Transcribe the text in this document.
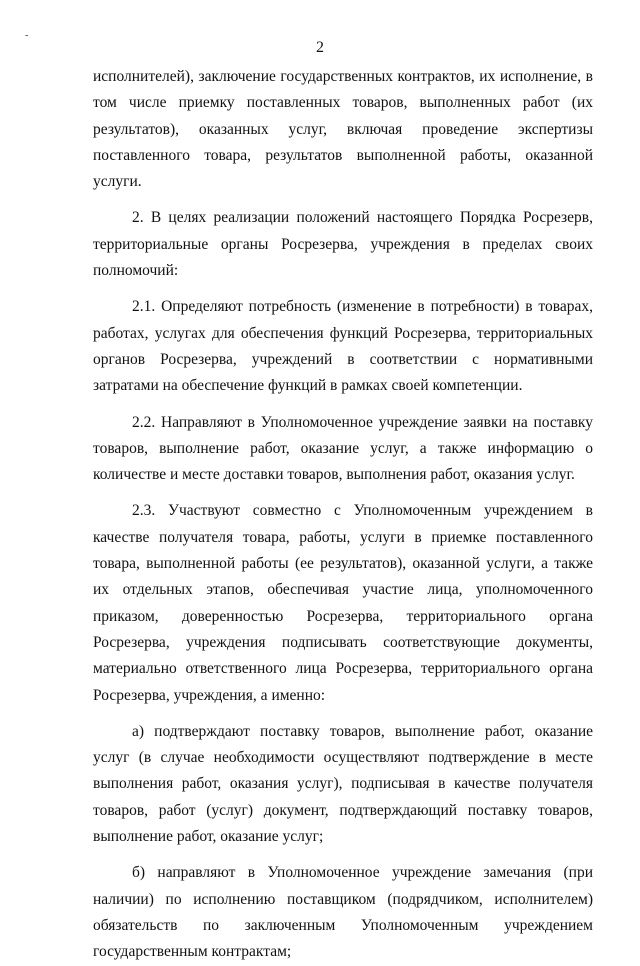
-
2

исполнителей), заключение государственных контрактов, их исполнение, в том числе приемку поставленных товаров, выполненных работ (их результатов), оказанных услуг, включая проведение экспертизы поставленного товара, результатов выполненной работы, оказанной услуги.

2. В целях реализации положений настоящего Порядка Росрезерв, территориальные органы Росрезерва, учреждения в пределах своих полномочий:

2.1. Определяют потребность (изменение в потребности) в товарах, работах, услугах для обеспечения функций Росрезерва, территориальных органов Росрезерва, учреждений в соответствии с нормативными затратами на обеспечение функций в рамках своей компетенции.

2.2. Направляют в Уполномоченное учреждение заявки на поставку товаров, выполнение работ, оказание услуг, а также информацию о количестве и месте доставки товаров, выполнения работ, оказания услуг.

2.3. Участвуют совместно с Уполномоченным учреждением в качестве получателя товара, работы, услуги в приемке поставленного товара, выполненной работы (ее результатов), оказанной услуги, а также их отдельных этапов, обеспечивая участие лица, уполномоченного приказом, доверенностью Росрезерва, территориального органа Росрезерва, учреждения подписывать соответствующие документы, материально ответственного лица Росрезерва, территориального органа Росрезерва, учреждения, а именно:

а) подтверждают поставку товаров, выполнение работ, оказание услуг (в случае необходимости осуществляют подтверждение в месте выполнения работ, оказания услуг), подписывая в качестве получателя товаров, работ (услуг) документ, подтверждающий поставку товаров, выполнение работ, оказание услуг;

б) направляют в Уполномоченное учреждение замечания (при наличии) по исполнению поставщиком (подрядчиком, исполнителем) обязательств по заключенным Уполномоченным учреждением государственным контрактам;
